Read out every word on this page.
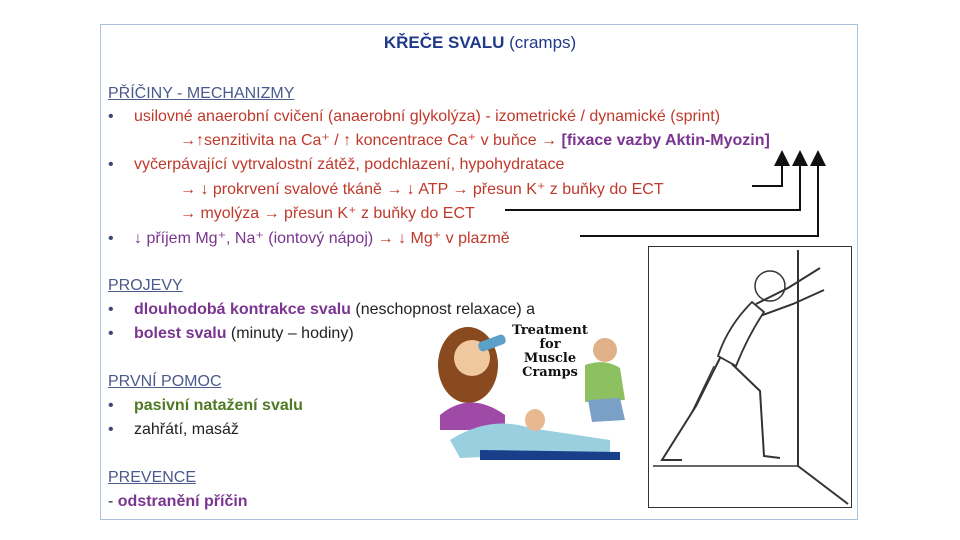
KŘEČE SVALU (cramps)
PŘÍČINY - MECHANIZMY
• usilovné anaerobní cvičení (anaerobní glykolýza) - izometrické / dynamické (sprint)
→↑senzitivita na Ca⁺ / ↑ koncentrace Ca⁺ v buňce → [fixace vazby Aktin-Myozin]
• vyčerpávající vytrvalostní zátěž, podchlazení, hypohydratace
→ ↓ prokrvení svalové tkáně → ↓ ATP → přesun K⁺ z buňky do ECT
→ myolýza → přesun K⁺ z buňky do ECT
• ↓ příjem Mg⁺, Na⁺ (iontový nápoj) → ↓ Mg⁺ v plazmě
PROJEVY
• dlouhodobá kontrakce svalu (neschopnost relaxace) a
• bolest svalu (minuty – hodiny)
PRVNÍ POMOC
• pasivní natažení svalu
• zahřátí, masáž
PREVENCE
- odstranění příčin
Treatment
for
Muscle
Cramps
